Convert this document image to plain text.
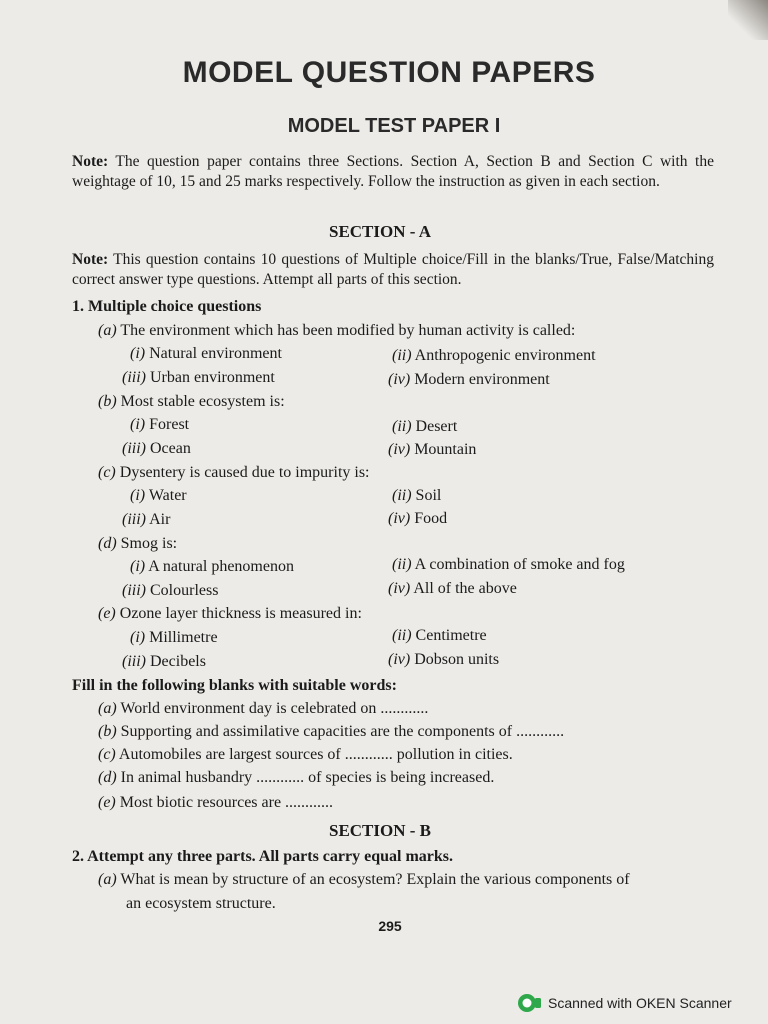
MODEL QUESTION PAPERS
MODEL TEST PAPER I
Note: The question paper contains three Sections. Section A, Section B and Section C with the weightage of 10, 15 and 25 marks respectively. Follow the instruction as given in each section.
SECTION - A
Note: This question contains 10 questions of Multiple choice/Fill in the blanks/True, False/Matching correct answer type questions. Attempt all parts of this section.
1. Multiple choice questions
(a) The environment which has been modified by human activity is called:
(i) Natural environment	(ii) Anthropogenic environment
(iii) Urban environment	(iv) Modern environment
(b) Most stable ecosystem is:
(i) Forest	(ii) Desert
(iii) Ocean	(iv) Mountain
(c) Dysentery is caused due to impurity is:
(i) Water	(ii) Soil
(iii) Air	(iv) Food
(d) Smog is:
(i) A natural phenomenon	(ii) A combination of smoke and fog
(iii) Colourless	(iv) All of the above
(e) Ozone layer thickness is measured in:
(i) Millimetre	(ii) Centimetre
(iii) Decibels	(iv) Dobson units
Fill in the following blanks with suitable words:
(a) World environment day is celebrated on ............
(b) Supporting and assimilative capacities are the components of ............
(c) Automobiles are largest sources of ............ pollution in cities.
(d) In animal husbandry ............ of species is being increased.
(e) Most biotic resources are ............
SECTION - B
2. Attempt any three parts. All parts carry equal marks.
(a) What is mean by structure of an ecosystem? Explain the various components of
an ecosystem structure.
295
Scanned with OKEN Scanner
